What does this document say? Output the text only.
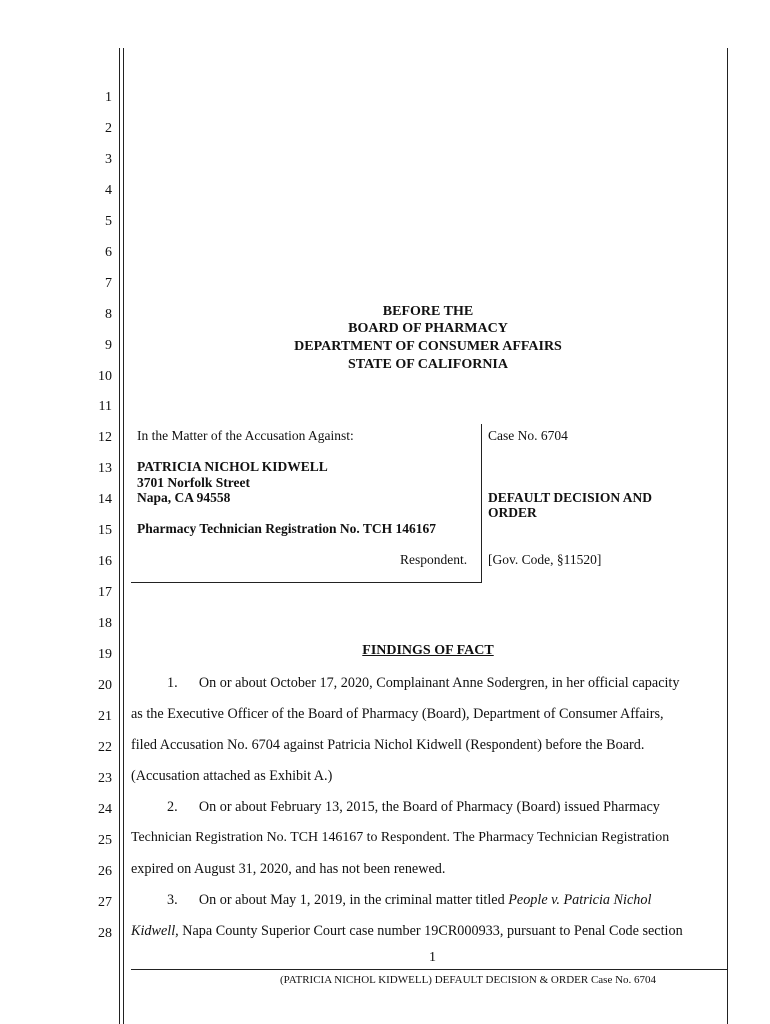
1
2
3
4
5
6
7
8
9
10
11
12
13
14
15
16
17
18
19
20
21
22
23
24
25
26
27
28
BEFORE THE
BOARD OF PHARMACY
DEPARTMENT OF CONSUMER AFFAIRS
STATE OF CALIFORNIA
In the Matter of the Accusation Against:
PATRICIA NICHOL KIDWELL
3701 Norfolk Street
Napa, CA 94558
Pharmacy Technician Registration No. TCH 146167
Respondent.
Case No. 6704
DEFAULT DECISION AND
ORDER
[Gov. Code, §11520]
FINDINGS OF FACT
1.      On or about October 17, 2020, Complainant Anne Sodergren, in her official capacity
as the Executive Officer of the Board of Pharmacy (Board), Department of Consumer Affairs,
filed Accusation No. 6704 against Patricia Nichol Kidwell (Respondent) before the Board.
(Accusation attached as Exhibit A.)
2.      On or about February 13, 2015, the Board of Pharmacy (Board) issued Pharmacy
Technician Registration No. TCH 146167 to Respondent. The Pharmacy Technician Registration
expired on August 31, 2020, and has not been renewed.
3.      On or about May 1, 2019, in the criminal matter titled People v. Patricia Nichol
Kidwell, Napa County Superior Court case number 19CR000933, pursuant to Penal Code section
1
(PATRICIA NICHOL KIDWELL) DEFAULT DECISION & ORDER Case No. 6704
